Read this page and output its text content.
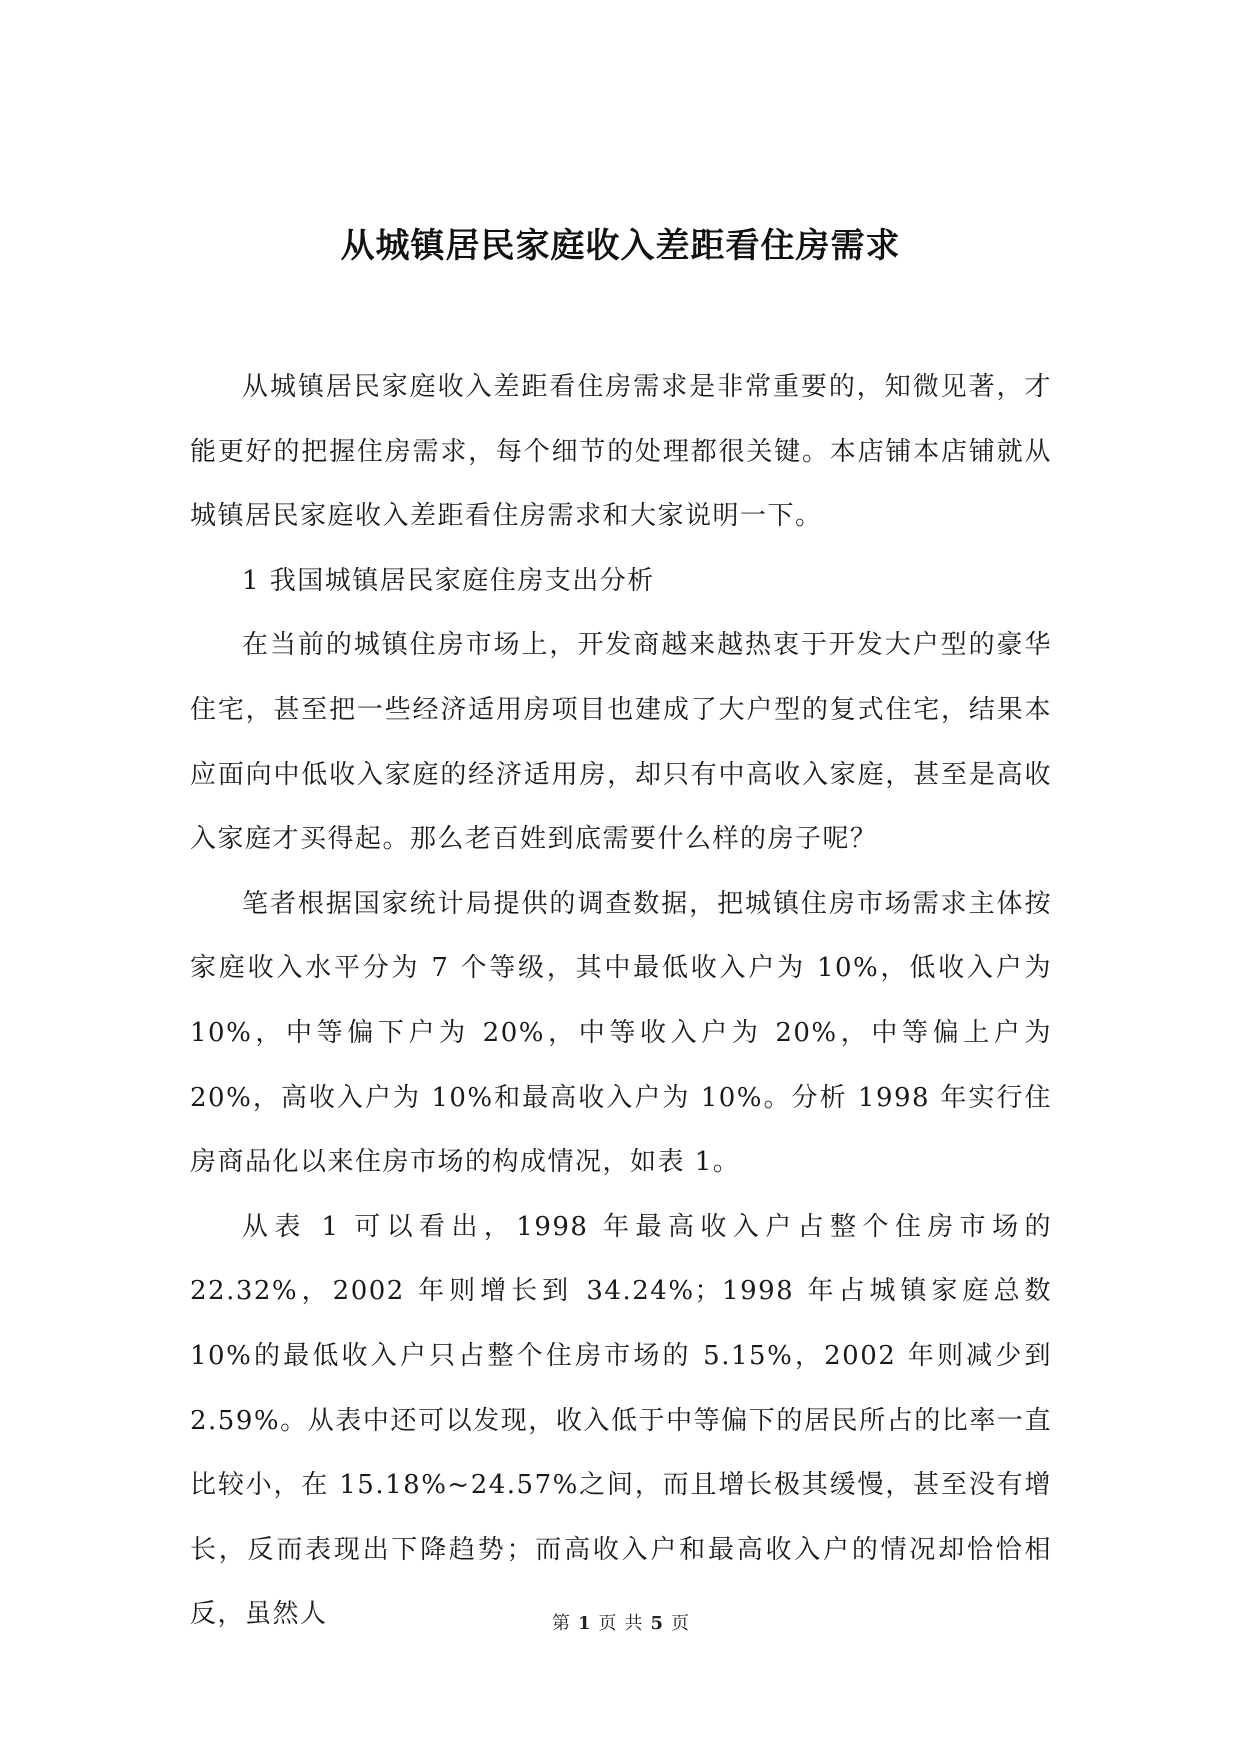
从城镇居民家庭收入差距看住房需求

从城镇居民家庭收入差距看住房需求是非常重要的，知微见著，才能更好的把握住房需求，每个细节的处理都很关键。本店铺本店铺就从城镇居民家庭收入差距看住房需求和大家说明一下。

1 我国城镇居民家庭住房支出分析

在当前的城镇住房市场上，开发商越来越热衷于开发大户型的豪华住宅，甚至把一些经济适用房项目也建成了大户型的复式住宅，结果本应面向中低收入家庭的经济适用房，却只有中高收入家庭，甚至是高收入家庭才买得起。那么老百姓到底需要什么样的房子呢？

笔者根据国家统计局提供的调查数据，把城镇住房市场需求主体按家庭收入水平分为 7 个等级，其中最低收入户为 10%，低收入户为 10%，中等偏下户为 20%，中等收入户为 20%，中等偏上户为 20%，高收入户为 10%和最高收入户为 10%。分析 1998 年实行住房商品化以来住房市场的构成情况，如表 1。

从表 1 可以看出，1998 年最高收入户占整个住房市场的 22.32%，2002 年则增长到 34.24%；1998 年占城镇家庭总数 10%的最低收入户只占整个住房市场的 5.15%，2002 年则减少到 2.59%。从表中还可以发现，收入低于中等偏下的居民所占的比率一直比较小，在 15.18%~24.57%之间，而且增长极其缓慢，甚至没有增长，反而表现出下降趋势；而高收入户和最高收入户的情况却恰恰相反，虽然人	第 1 页 共 5 页
